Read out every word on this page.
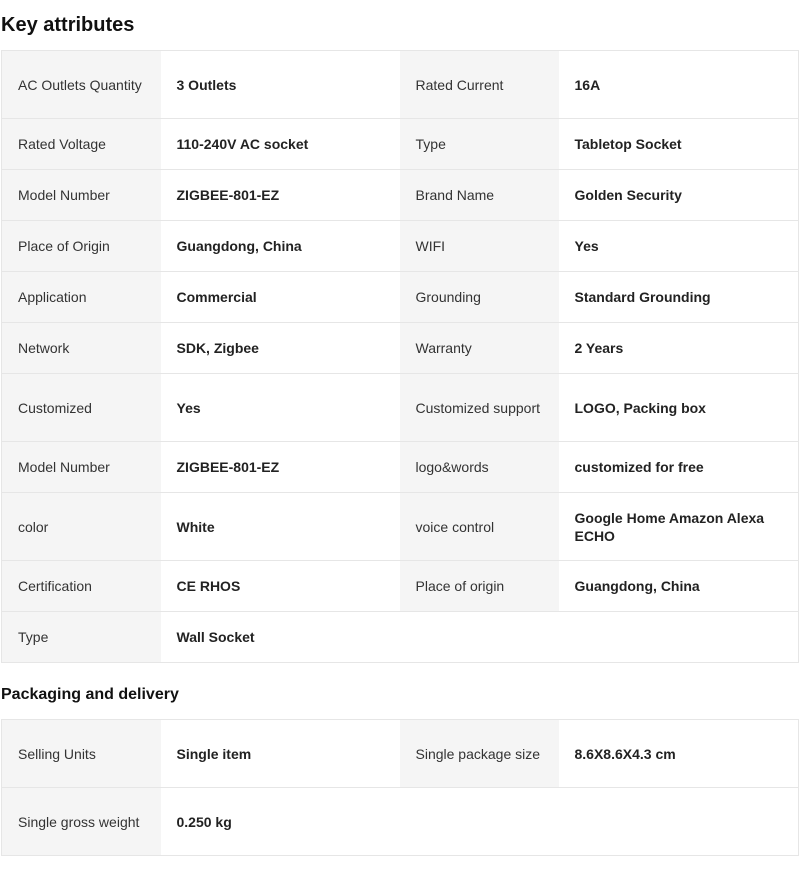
Key attributes
AC Outlets Quantity	3 Outlets	Rated Current	16A
Rated Voltage	110-240V AC socket	Type	Tabletop Socket
Model Number	ZIGBEE-801-EZ	Brand Name	Golden Security
Place of Origin	Guangdong, China	WIFI	Yes
Application	Commercial	Grounding	Standard Grounding
Network	SDK, Zigbee	Warranty	2 Years
Customized	Yes	Customized support	LOGO, Packing box
Model Number	ZIGBEE-801-EZ	logo&words	customized for free
color	White	voice control	Google Home Amazon Alexa ECHO
Certification	CE RHOS	Place of origin	Guangdong, China
Type	Wall Socket		
Packaging and delivery
Selling Units	Single item	Single package size	8.6X8.6X4.3 cm
Single gross weight	0.250 kg		
